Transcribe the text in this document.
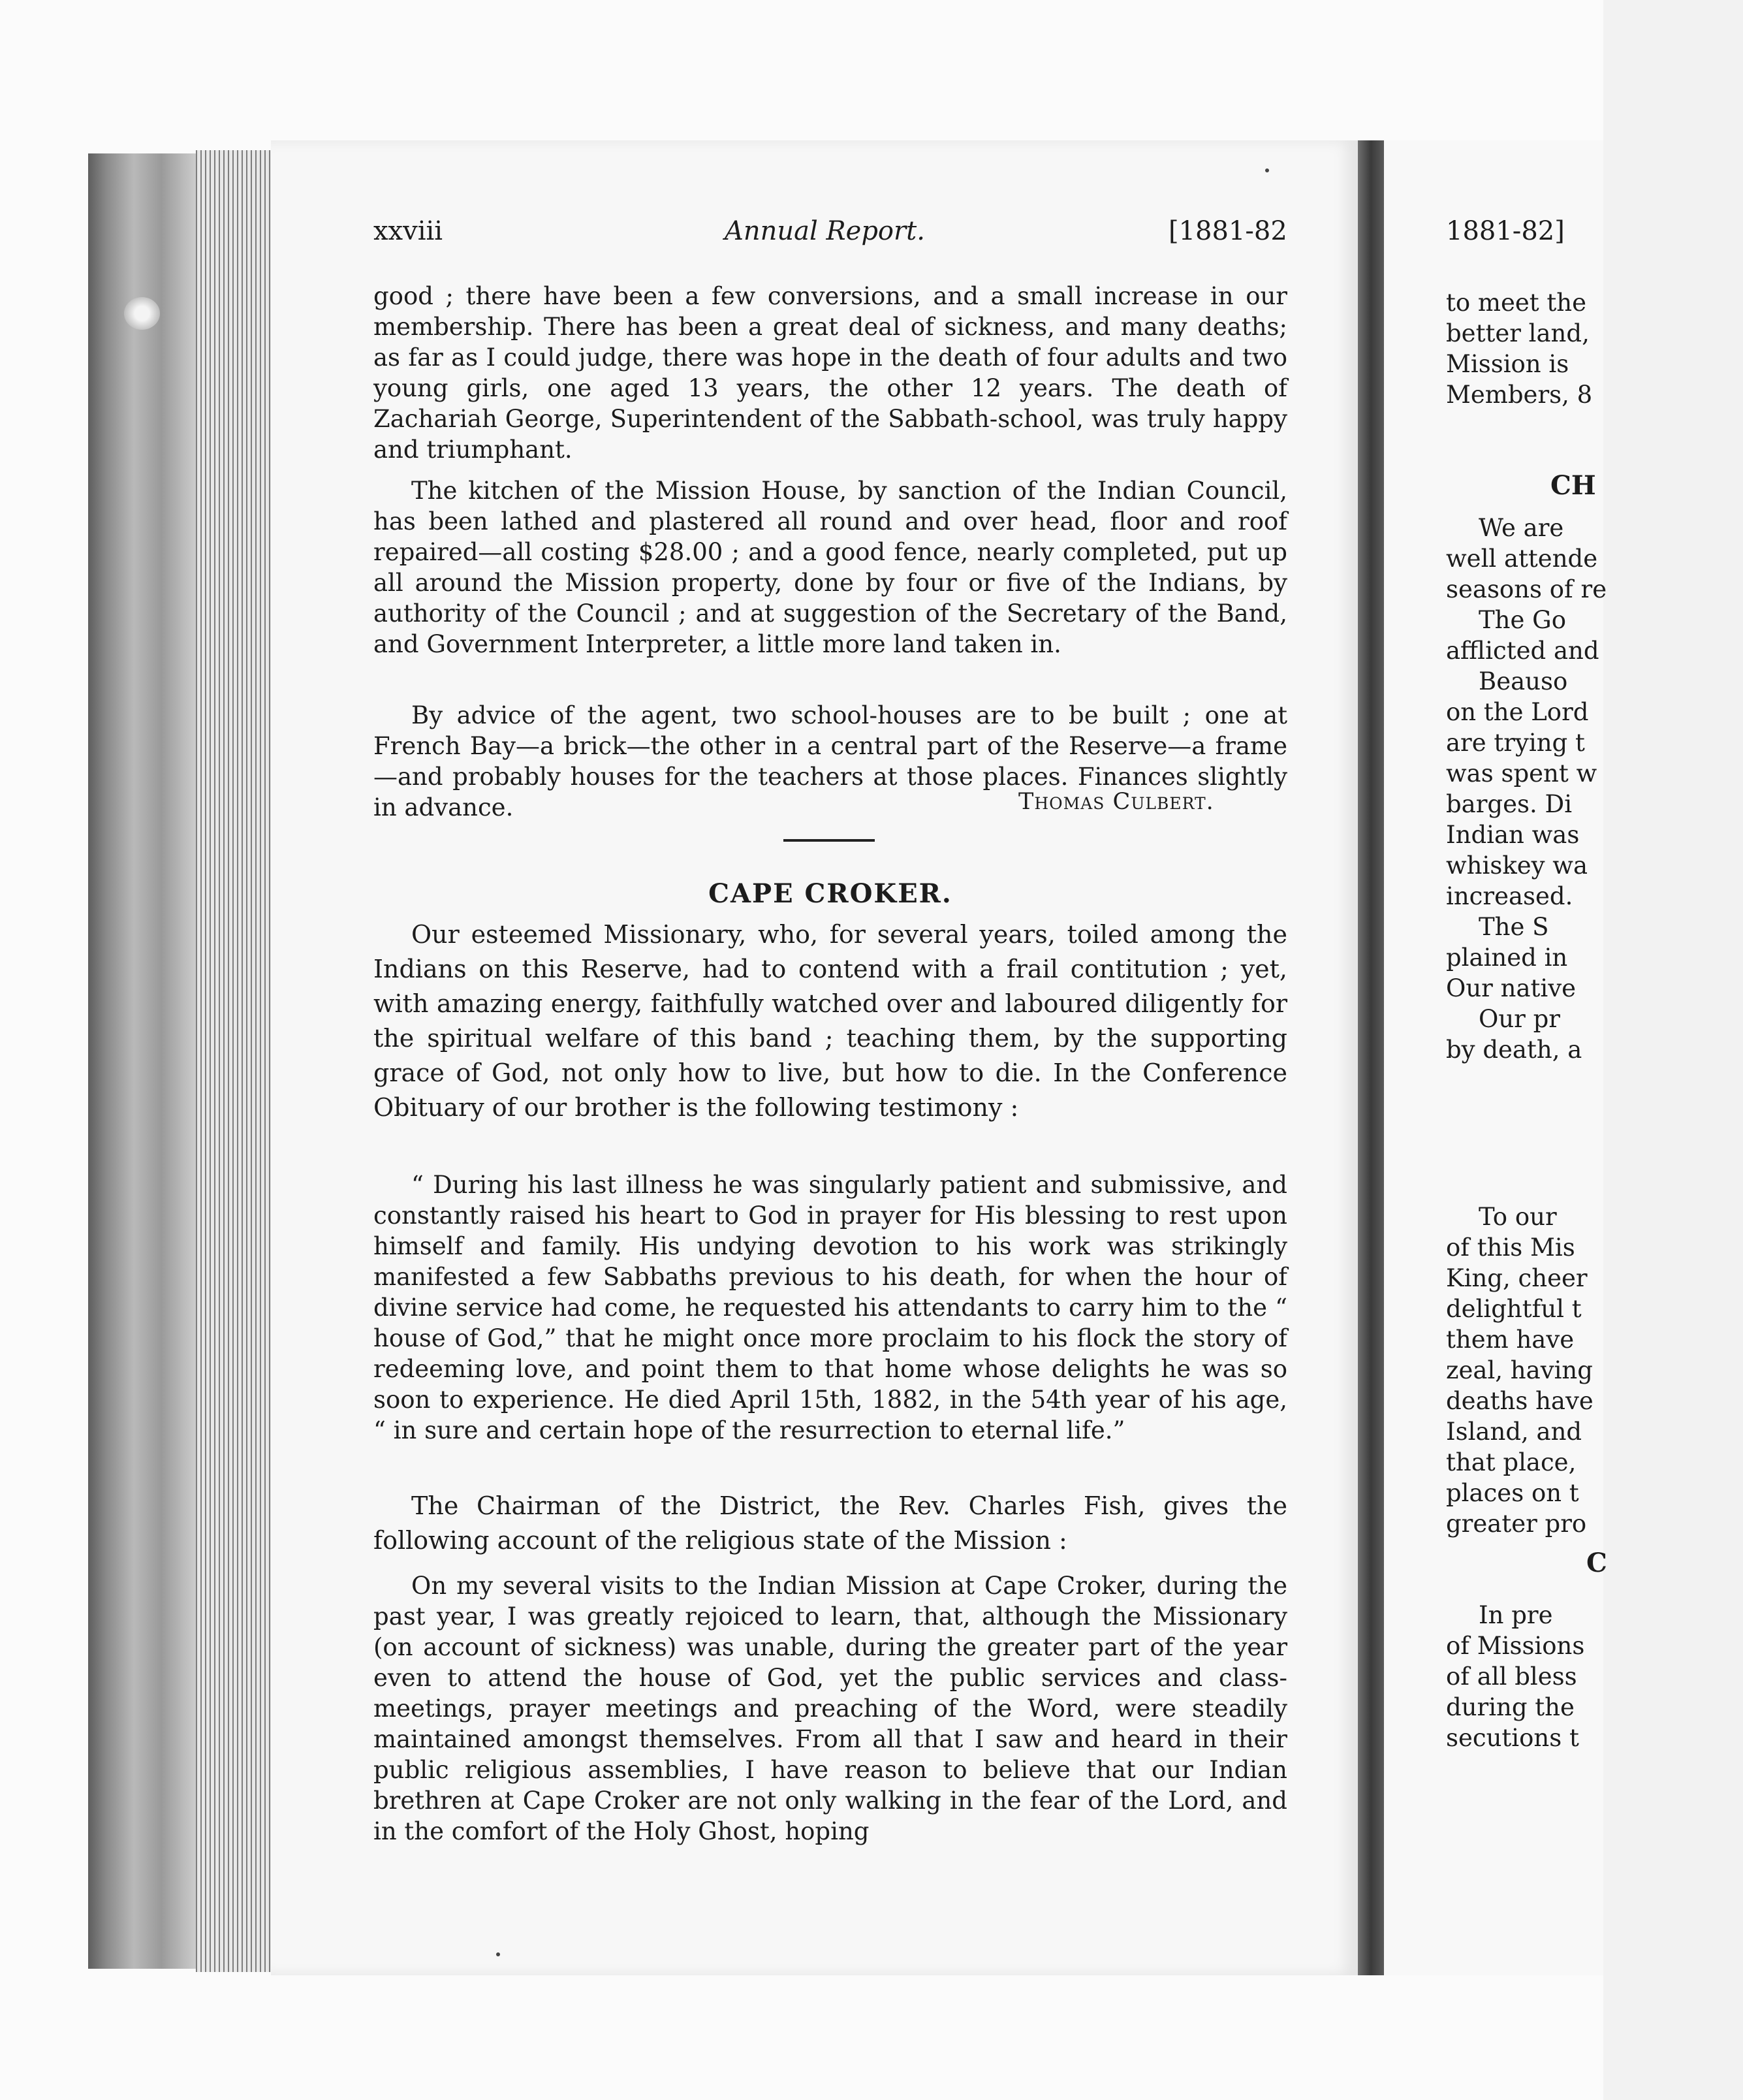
xxviii	Annual Report.	[1881-82

good ; there have been a few conversions, and a small increase in our membership. There has been a great deal of sickness, and many deaths; as far as I could judge, there was hope in the death of four adults and two young girls, one aged 13 years, the other 12 years. The death of Zachariah George, Superintendent of the Sabbath-school, was truly happy and triumphant.

The kitchen of the Mission House, by sanction of the Indian Council, has been lathed and plastered all round and over head, floor and roof repaired—all costing $28.00 ; and a good fence, nearly completed, put up all around the Mission property, done by four or five of the Indians, by authority of the Council ; and at suggestion of the Secretary of the Band, and Government Interpreter, a little more land taken in.

By advice of the agent, two school-houses are to be built ; one at French Bay—a brick—the other in a central part of the Reserve—a frame—and probably houses for the teachers at those places. Finances slightly in advance.	Thomas Culbert.
CAPE CROKER.

Our esteemed Missionary, who, for several years, toiled among the Indians on this Reserve, had to contend with a frail contitution ; yet, with amazing energy, faithfully watched over and laboured diligently for the spiritual welfare of this band ; teaching them, by the supporting grace of God, not only how to live, but how to die. In the Conference Obituary of our brother is the following testimony :

“ During his last illness he was singularly patient and submissive, and constantly raised his heart to God in prayer for His blessing to rest upon himself and family. His undying devotion to his work was strikingly manifested a few Sabbaths previous to his death, for when the hour of divine service had come, he requested his attendants to carry him to the “ house of God,” that he might once more proclaim to his flock the story of redeeming love, and point them to that home whose delights he was so soon to experience. He died April 15th, 1882, in the 54th year of his age, “ in sure and certain hope of the resurrection to eternal life.”

The Chairman of the District, the Rev. Charles Fish, gives the following account of the religious state of the Mission :

On my several visits to the Indian Mission at Cape Croker, during the past year, I was greatly rejoiced to learn, that, although the Missionary (on account of sickness) was unable, during the greater part of the year even to attend the house of God, yet the public services and class-meetings, prayer meetings and preaching of the Word, were steadily maintained amongst themselves. From all that I saw and heard in their public religious assemblies, I have reason to believe that our Indian brethren at Cape Croker are not only walking in the fear of the Lord, and in the comfort of the Holy Ghost, hoping

1881-82]
to meet the
better land,
Mission is
Members, 8
CH
We are
well attende
seasons of re
The Go
afflicted and
Beauso
on the Lord
are trying t
was spent w
barges. Di
Indian was
whiskey wa
increased.
The S
plained in
Our native
Our pr
by death, a
To our
of this Mis
King, cheer
delightful t
them have
zeal, having
deaths have
Island, and
that place,
places on t
greater pro
C
In pre
of Missions
of all bless
during the
secutions t
